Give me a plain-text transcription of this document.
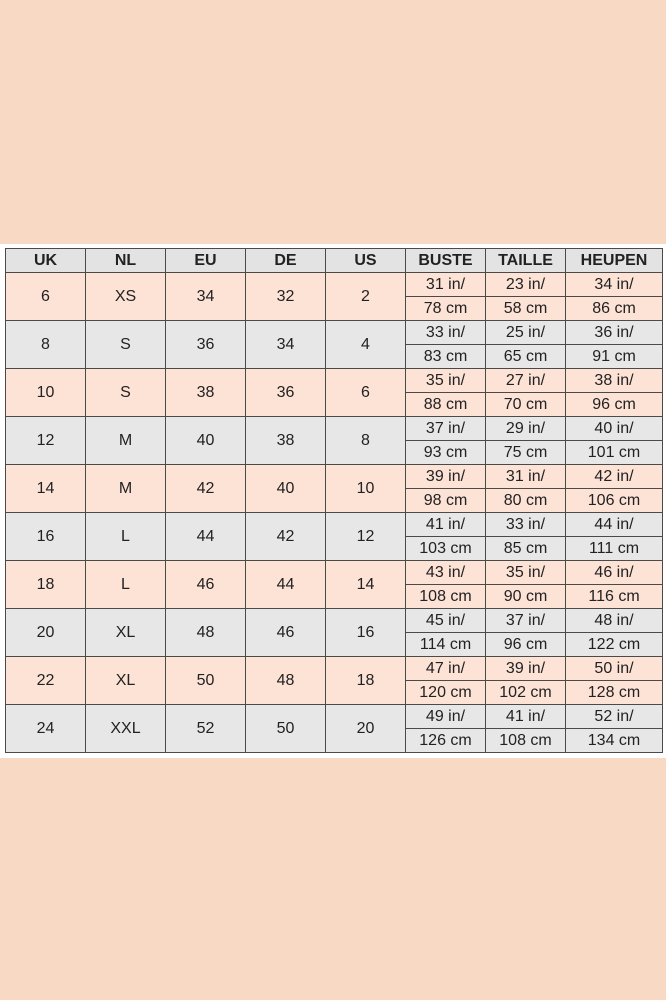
UK	NL	EU	DE	US	BUSTE	TAILLE	HEUPEN
6	XS	34	32	2	31 in/	23 in/	34 in/
					78 cm	58 cm	86 cm
8	S	36	34	4	33 in/	25 in/	36 in/
					83 cm	65 cm	91 cm
10	S	38	36	6	35 in/	27 in/	38 in/
					88 cm	70 cm	96 cm
12	M	40	38	8	37 in/	29 in/	40 in/
					93 cm	75 cm	101 cm
14	M	42	40	10	39 in/	31 in/	42 in/
					98 cm	80 cm	106 cm
16	L	44	42	12	41 in/	33 in/	44 in/
					103 cm	85 cm	111 cm
18	L	46	44	14	43 in/	35 in/	46 in/
					108 cm	90 cm	116 cm
20	XL	48	46	16	45 in/	37 in/	48 in/
					114 cm	96 cm	122 cm
22	XL	50	48	18	47 in/	39 in/	50 in/
					120 cm	102 cm	128 cm
24	XXL	52	50	20	49 in/	41 in/	52 in/
					126 cm	108 cm	134 cm
